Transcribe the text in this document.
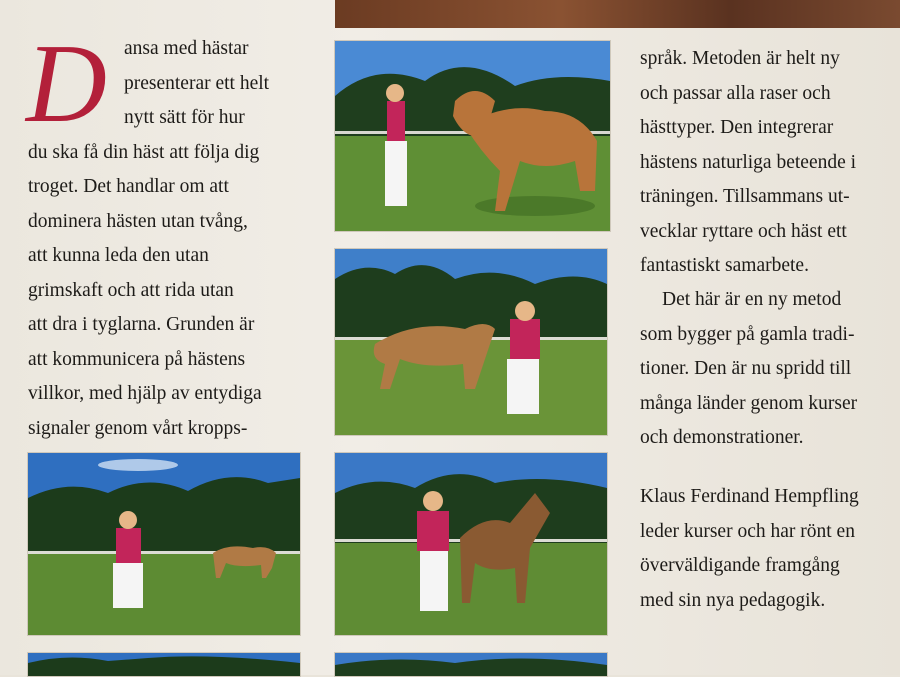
D ansa med hästar
presenterar ett helt
nytt sätt för hur
du ska få din häst att följa dig
troget. Det handlar om att
dominera hästen utan tvång,
att kunna leda den utan
grimskaft och att rida utan
att dra i tyglarna. Grunden är
att kommunicera på hästens
villkor, med hjälp av entydiga
signaler genom vårt kropps-
språk. Metoden är helt ny
och passar alla raser och
hästtyper. Den integrerar
hästens naturliga beteende i
träningen. Tillsammans ut-
vecklar ryttare och häst ett
fantastiskt samarbete.
Det här är en ny metod
som bygger på gamla tradi-
tioner. Den är nu spridd till
många länder genom kurser
och demonstrationer.
Klaus Ferdinand Hempfling
leder kurser och har rönt en
överväldigande framgång
med sin nya pedagogik.
